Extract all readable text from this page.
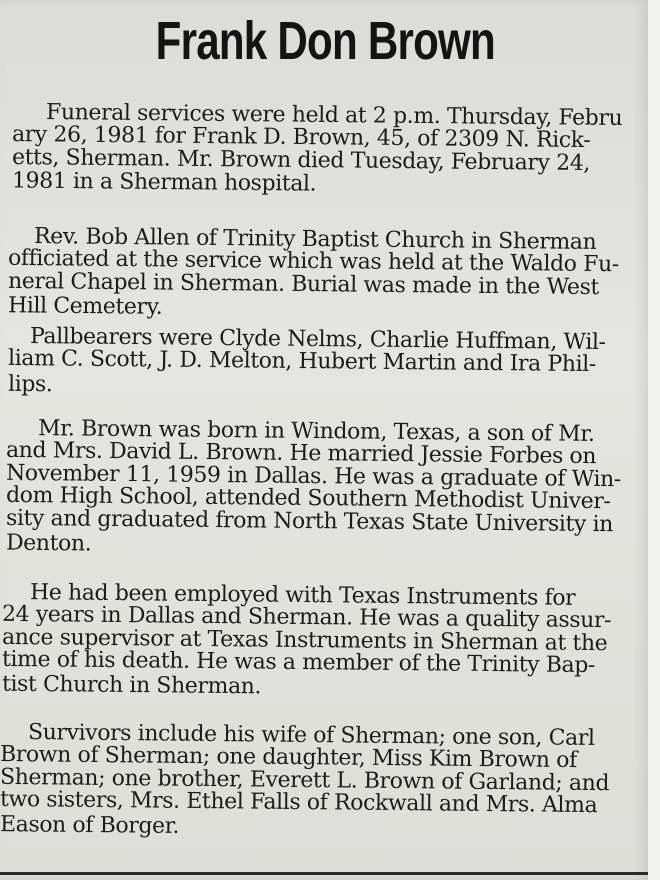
Frank Don Brown
Funeral services were held at 2 p.m. Thursday, Febru
ary 26, 1981 for Frank D. Brown, 45, of 2309 N. Rick-
etts, Sherman. Mr. Brown died Tuesday, February 24,
1981 in a Sherman hospital.
Rev. Bob Allen of Trinity Baptist Church in Sherman
officiated at the service which was held at the Waldo Fu-
neral Chapel in Sherman. Burial was made in the West
Hill Cemetery.
Pallbearers were Clyde Nelms, Charlie Huffman, Wil-
liam C. Scott, J. D. Melton, Hubert Martin and Ira Phil-
lips.
Mr. Brown was born in Windom, Texas, a son of Mr.
and Mrs. David L. Brown. He married Jessie Forbes on
November 11, 1959 in Dallas. He was a graduate of Win-
dom High School, attended Southern Methodist Univer-
sity and graduated from North Texas State University in
Denton.
He had been employed with Texas Instruments for
24 years in Dallas and Sherman. He was a quality assur-
ance supervisor at Texas Instruments in Sherman at the
time of his death. He was a member of the Trinity Bap-
tist Church in Sherman.
Survivors include his wife of Sherman; one son, Carl
Brown of Sherman; one daughter, Miss Kim Brown of
Sherman; one brother, Everett L. Brown of Garland; and
two sisters, Mrs. Ethel Falls of Rockwall and Mrs. Alma
Eason of Borger.
